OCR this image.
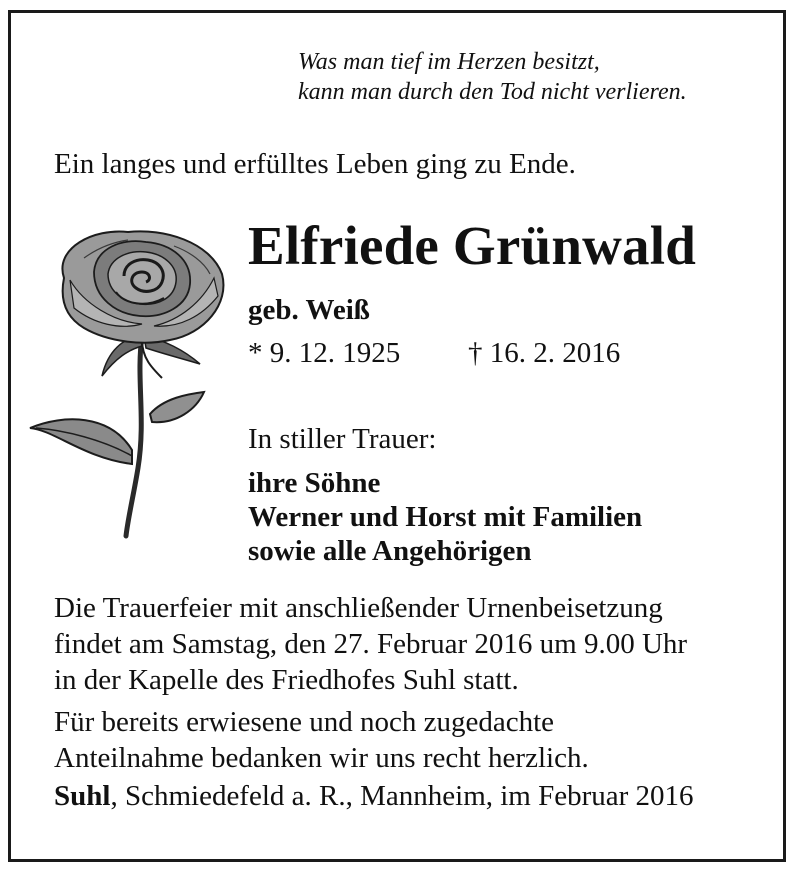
Was man tief im Herzen besitzt,
kann man durch den Tod nicht verlieren.

Ein langes und erfülltes Leben ging zu Ende.

Elfriede Grünwald

geb. Weiß

* 9. 12. 1925 † 16. 2. 2016

In stiller Trauer:

ihre Söhne
Werner und Horst mit Familien
sowie alle Angehörigen

Die Trauerfeier mit anschließender Urnenbeisetzung
findet am Samstag, den 27. Februar 2016 um 9.00 Uhr
in der Kapelle des Friedhofes Suhl statt.

Für bereits erwiesene und noch zugedachte
Anteilnahme bedanken wir uns recht herzlich.

Suhl, Schmiedefeld a. R., Mannheim, im Februar 2016
